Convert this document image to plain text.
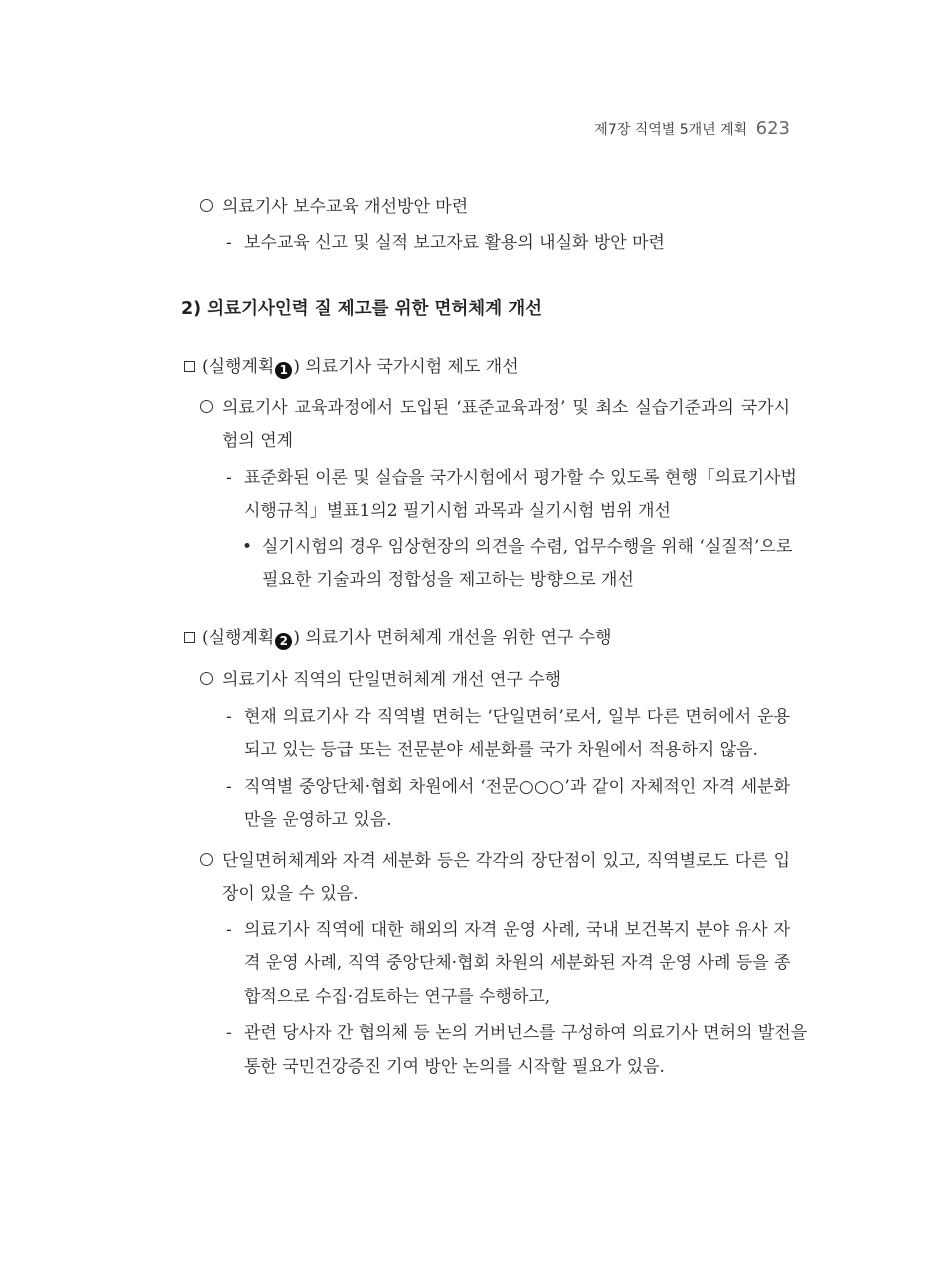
제7장 직역별 5개년 계획 623
의료기사 보수교육 개선방안 마련
- 보수교육 신고 및 실적 보고자료 활용의 내실화 방안 마련
2) 의료기사인력 질 제고를 위한 면허체계 개선
(실행계획 1 ) 의료기사 국가시험 제도 개선
의료기사 교육과정에서 도입된 ‘표준교육과정’ 및 최소 실습기준과의 국가시
험의 연계
- 표준화된 이론 및 실습을 국가시험에서 평가할 수 있도록 현행「의료기사법
시행규칙」별표1의2 필기시험 과목과 실기시험 범위 개선
• 실기시험의 경우 임상현장의 의견을 수렴, 업무수행을 위해 ‘실질적’으로
필요한 기술과의 정합성을 제고하는 방향으로 개선
(실행계획 2 ) 의료기사 면허체계 개선을 위한 연구 수행
의료기사 직역의 단일면허체계 개선 연구 수행
- 현재 의료기사 각 직역별 면허는 ‘단일면허’로서, 일부 다른 면허에서 운용
되고 있는 등급 또는 전문분야 세분화를 국가 차원에서 적용하지 않음.
- 직역별 중앙단체·협회 차원에서 ‘전문○○○’과 같이 자체적인 자격 세분화
만을 운영하고 있음.
단일면허체계와 자격 세분화 등은 각각의 장단점이 있고, 직역별로도 다른 입
장이 있을 수 있음.
- 의료기사 직역에 대한 해외의 자격 운영 사례, 국내 보건복지 분야 유사 자
격 운영 사례, 직역 중앙단체·협회 차원의 세분화된 자격 운영 사례 등을 종
합적으로 수집·검토하는 연구를 수행하고,
- 관련 당사자 간 협의체 등 논의 거버넌스를 구성하여 의료기사 면허의 발전을
통한 국민건강증진 기여 방안 논의를 시작할 필요가 있음.
